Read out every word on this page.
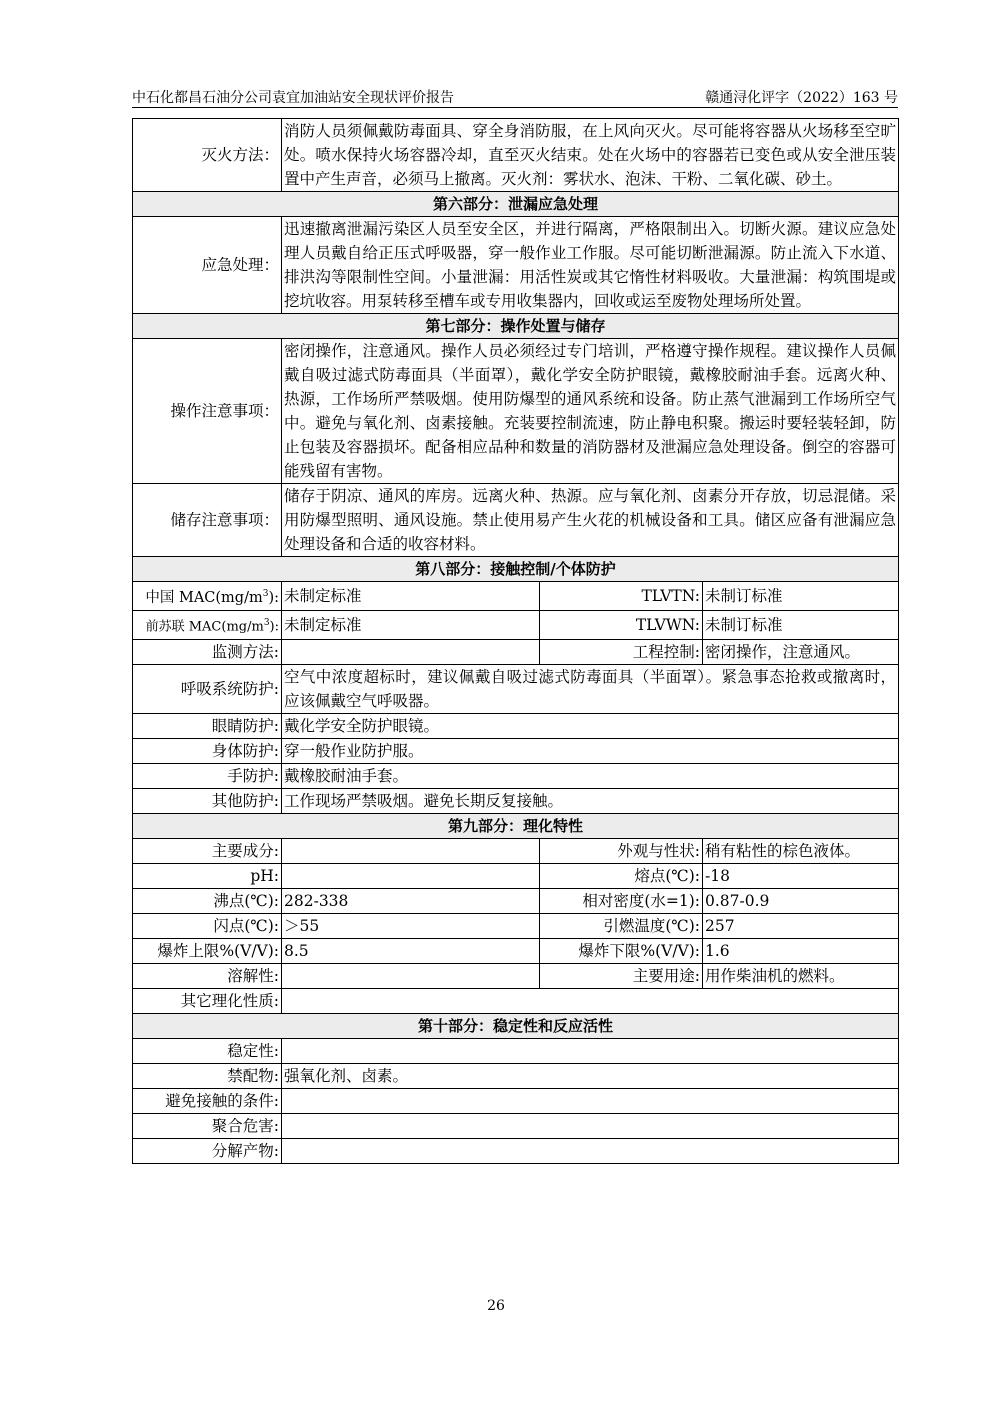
中石化都昌石油分公司袁宜加油站安全现状评价报告	赣通浔化评字（2022）163 号
灭火方法：	消防人员须佩戴防毒面具、穿全身消防服，在上风向灭火。尽可能将容器从火场移至空旷处。喷水保持火场容器冷却，直至灭火结束。处在火场中的容器若已变色或从安全泄压装置中产生声音，必须马上撤离。灭火剂：雾状水、泡沫、干粉、二氧化碳、砂土。		
第六部分：泄漏应急处理			
应急处理：	迅速撤离泄漏污染区人员至安全区，并进行隔离，严格限制出入。切断火源。建议应急处理人员戴自给正压式呼吸器，穿一般作业工作服。尽可能切断泄漏源。防止流入下水道、排洪沟等限制性空间。小量泄漏：用活性炭或其它惰性材料吸收。大量泄漏：构筑围堤或挖坑收容。用泵转移至槽车或专用收集器内，回收或运至废物处理场所处置。		
第七部分：操作处置与储存			
操作注意事项：	密闭操作，注意通风。操作人员必须经过专门培训，严格遵守操作规程。建议操作人员佩戴自吸过滤式防毒面具（半面罩），戴化学安全防护眼镜，戴橡胶耐油手套。远离火种、热源，工作场所严禁吸烟。使用防爆型的通风系统和设备。防止蒸气泄漏到工作场所空气中。避免与氧化剂、卤素接触。充装要控制流速，防止静电积聚。搬运时要轻装轻卸，防止包装及容器损坏。配备相应品种和数量的消防器材及泄漏应急处理设备。倒空的容器可能残留有害物。		
储存注意事项：	储存于阴凉、通风的库房。远离火种、热源。应与氧化剂、卤素分开存放，切忌混储。采用防爆型照明、通风设施。禁止使用易产生火花的机械设备和工具。储区应备有泄漏应急处理设备和合适的收容材料。		
第八部分：接触控制/个体防护			
中国 $MAC(mg/m^3)$:	未制定标准	TLVTN:	未制订标准
前苏联 $MAC(mg/m^3)$:	未制定标准	TLVWN:	未制订标准
监测方法:		工程控制:	密闭操作，注意通风。
呼吸系统防护:	空气中浓度超标时，建议佩戴自吸过滤式防毒面具（半面罩）。紧急事态抢救或撤离时，应该佩戴空气呼吸器。		
眼睛防护:	戴化学安全防护眼镜。		
身体防护:	穿一般作业防护服。		
手防护:	戴橡胶耐油手套。		
其他防护:	工作现场严禁吸烟。避免长期反复接触。		
第九部分：理化特性			
主要成分:		外观与性状:	稍有粘性的棕色液体。
pH:		熔点(℃):	-18
沸点(℃):	282-338	相对密度(水=1):	0.87-0.9
闪点(℃):	＞55	引燃温度(℃):	257
爆炸上限%(V/V):	8.5	爆炸下限%(V/V):	1.6
溶解性:		主要用途:	用作柴油机的燃料。
其它理化性质:			
第十部分：稳定性和反应活性			
稳定性:			
禁配物:	强氧化剂、卤素。		
避免接触的条件:			
聚合危害:			
分解产物:			
26
